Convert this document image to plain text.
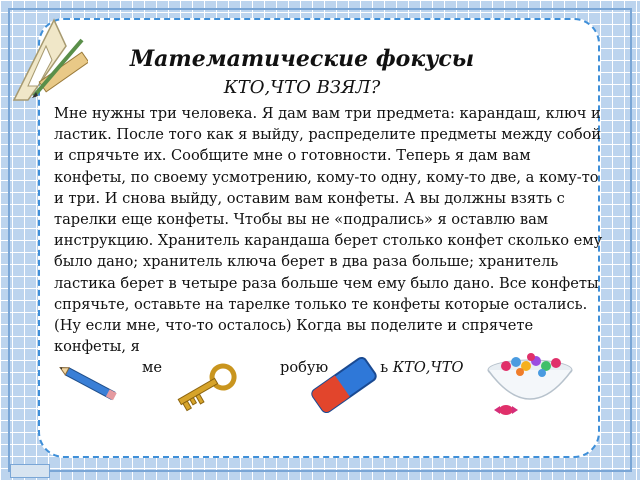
Математические фокусы
КТО,ЧТО ВЗЯЛ?

Мне нужны три человека. Я дам вам три предмета: карандаш, ключ и ластик. После того как я выйду, распределите предметы между собой и спрячьте их. Сообщите мне о готовности. Теперь я дам вам конфеты, по своему усмотрению, кому-то одну, кому-то две, а кому-то и три. И снова выйду, оставим вам конфеты. А вы должны взять с тарелки еще конфеты. Чтобы вы не «подрались» я оставлю вам инструкцию. Хранитель карандаша берет столько конфет сколько ему было дано; хранитель ключа берет в два раза больше; хранитель ластика берет в четыре раза больше чем ему было дано. Все конфеты спрячьте, оставьте на тарелке только те конфеты которые остались. (Ну если мне, что-то осталось) Когда вы поделите и спрячете конфеты, я
ме	робую	ь КТО,ЧТО
